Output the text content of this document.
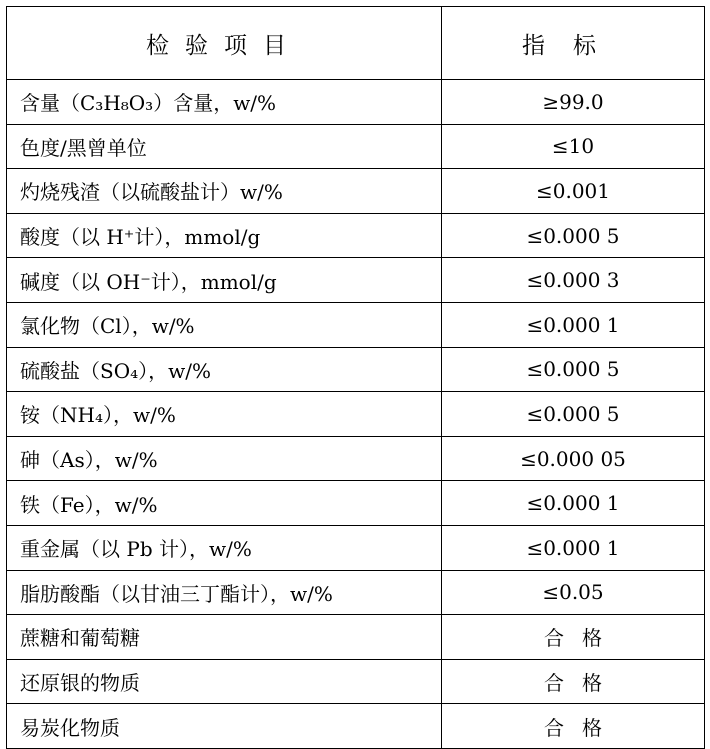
检验项目	指标
含量（C₃H₈O₃）含量，w/%	≥99.0
色度/黑曾单位	≤10
灼烧残渣（以硫酸盐计）w/%	≤0.001
酸度（以 H⁺计），mmol/g	≤0.000 5
碱度（以 OH⁻计），mmol/g	≤0.000 3
氯化物（Cl），w/%	≤0.000 1
硫酸盐（SO₄），w/%	≤0.000 5
铵（NH₄），w/%	≤0.000 5
砷（As），w/%	≤0.000 05
铁（Fe），w/%	≤0.000 1
重金属（以 Pb 计），w/%	≤0.000 1
脂肪酸酯（以甘油三丁酯计），w/%	≤0.05
蔗糖和葡萄糖	合格
还原银的物质	合格
易炭化物质	合格
